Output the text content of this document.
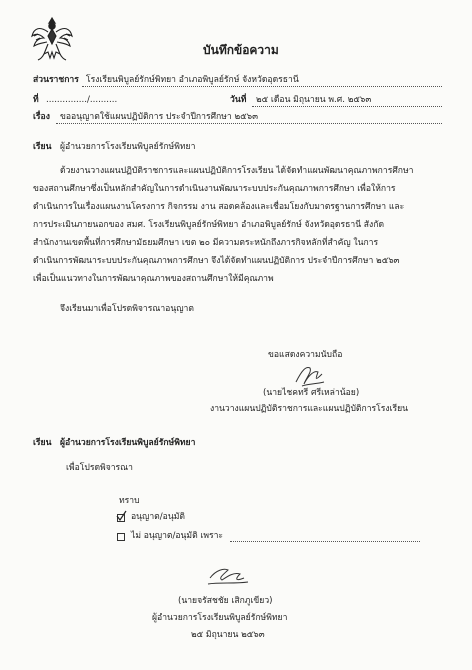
บันทึกข้อความ
ส่วนราชการ โรงเรียนพิบูลย์รักษ์พิทยา อำเภอพิบูลย์รักษ์ จังหวัดอุดรธานี
ที่ .............../..........	วันที่ ๒๕ เดือน มิถุนายน พ.ศ. ๒๕๖๓
เรื่อง ขออนุญาตใช้แผนปฏิบัติการ ประจำปีการศึกษา ๒๕๖๓
เรียน ผู้อำนวยการโรงเรียนพิบูลย์รักษ์พิทยา
ด้วยงานวางแผนปฏิบัติราชการและแผนปฏิบัติการโรงเรียน ได้จัดทำแผนพัฒนาคุณภาพการศึกษา
ของสถานศึกษาซึ่งเป็นหลักสำคัญในการดำเนินงานพัฒนาระบบประกันคุณภาพการศึกษา เพื่อให้การ
ดำเนินการในเรื่องแผนงานโครงการ กิจกรรม งาน สอดคล้องและเชื่อมโยงกับมาตรฐานการศึกษา และ
การประเมินภายนอกของ สมศ. โรงเรียนพิบูลย์รักษ์พิทยา อำเภอพิบูลย์รักษ์ จังหวัดอุดรธานี สังกัด
สำนักงานเขตพื้นที่การศึกษามัธยมศึกษา เขต ๒๐ มีความตระหนักถึงภารกิจหลักที่สำคัญ ในการ
ดำเนินการพัฒนาระบบประกันคุณภาพการศึกษา จึงได้จัดทำแผนปฏิบัติการ ประจำปีการศึกษา ๒๕๖๓
เพื่อเป็นแนวทางในการพัฒนาคุณภาพของสถานศึกษาให้มีคุณภาพ
จึงเรียนมาเพื่อโปรดพิจารณาอนุญาต
ขอแสดงความนับถือ
(นายไชคทรี ศรีเหล่าน้อย)
งานวางแผนปฏิบัติราชการและแผนปฏิบัติการโรงเรียน
เรียน ผู้อำนวยการโรงเรียนพิบูลย์รักษ์พิทยา
เพื่อโปรดพิจารณา
ทราบ
อนุญาต/อนุมัติ
ไม่ อนุญาต/อนุมัติ เพราะ
(นายจรัสชชัย เสิกภูเขียว)
ผู้อำนวยการโรงเรียนพิบูลย์รักษ์พิทยา
๒๕ มิถุนายน ๒๕๖๓
